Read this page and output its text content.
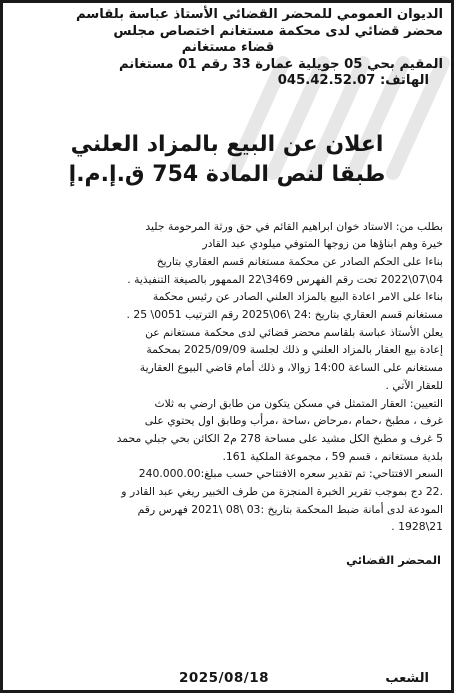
الديوان العمومي للمحضر القضائي الأستاذ عباسة بلقاسم
محضر قضائي لدى محكمة مستغانم اختصاص مجلس
قضاء مستغانم
المقيم بحي 05 جويلية عمارة 33 رقم 01 مستغانم
الهاتف: 045.42.52.07
اعلان عن البيع بالمزاد العلني
طبقا لنص المادة 754 ق.إ.م.إ

بطلب من: الاستاد خوان ابراهيم القائم في حق ورثة المرحومة جليد

خيرة وهم ابناؤها من زوجها المتوفي ميلودي عبد القادر

بناءا على الحكم الصادر عن محكمة مستغانم قسم العقاري بتاريخ

04\07\2022 تحت رقم الفهرس 3469\22 الممهور بالصيغة التنفيذية .

بناءا على الامر اعادة البيع بالمزاد العلني الصادر عن رئيس محكمة

مستغانم قسم العقاري بتاريخ :24 \06\2025 رقم الترتيب 0051\ 25 .

يعلن الأستاذ عباسة بلقاسم محضر قضائي لدى محكمة مستغانم عن

إعادة بيع العقار بالمزاد العلني و ذلك لجلسة 2025/09/09 بمحكمة

مستغانم على الساعة 14:00 زوالا، و ذلك أمام قاضي البيوع العقارية

للعقار الآتي .

التعيين: العقار المتمثل في مسكن يتكون من طابق ارضي به ثلاث

غرف ، مطبخ ،حمام ،مرحاض ،ساحة ،مرأب وطابق اول يحتوي على

5 غرف و مطبخ الكل مشيد على مساحة 278 م2 الكائن بحي جبلي محمد

بلدية مستغانم ، قسم 59 ، مجموعة الملكية 161.

السعر الافتتاحي: تم تقدير سعره الافتتاحي حسب مبلغ:240.000.00

.22 دج بموجب تقرير الخبرة المنجزة من طرف الخبير ريغي عبد القادر و

المودعة لدى أمانة ضبط المحكمة بتاريخ :03 \08 \2021 فهرس رقم

21\1928 .

المحضر القضائي
الشعب
2025/08/18
